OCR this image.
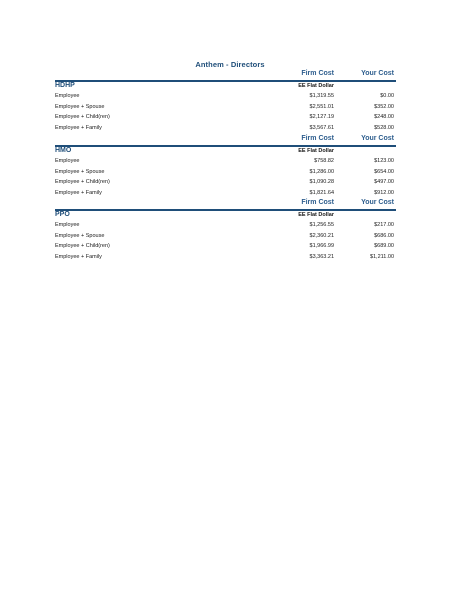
Anthem - Directors
Firm Cost	Your Cost
HDHP	EE Flat Dollar
Employee	$1,319.55	$0.00
Employee + Spouse	$2,551.01	$352.00
Employee + Child(ren)	$2,127.19	$248.00
Employee + Family	$3,567.61	$528.00
Firm Cost	Your Cost
HMO	EE Flat Dollar
Employee	$758.82	$123.00
Employee + Spouse	$1,286.00	$654.00
Employee + Child(ren)	$1,090.28	$497.00
Employee + Family	$1,821.64	$912.00
Firm Cost	Your Cost
PPO	EE Flat Dollar
Employee	$1,256.55	$217.00
Employee + Spouse	$2,360.21	$686.00
Employee + Child(ren)	$1,966.99	$689.00
Employee + Family	$3,363.21	$1,211.00
